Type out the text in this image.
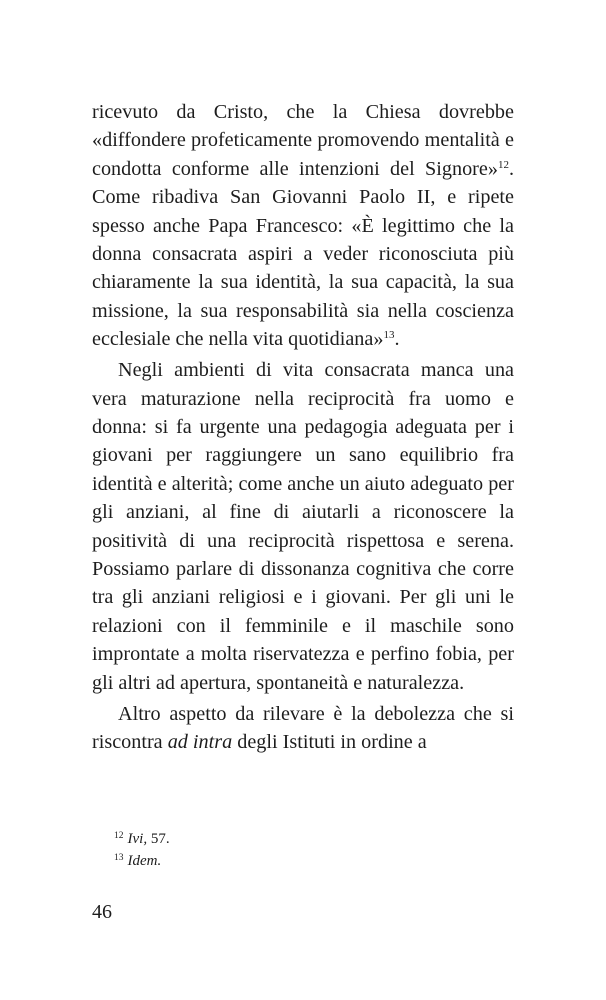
ricevuto da Cristo, che la Chiesa dovrebbe «diffondere profeticamente promovendo mentalità e condotta conforme alle intenzioni del Signore»$^{12}$. Come ribadiva San Giovanni Paolo II, e ripete spesso anche Papa Francesco: «È legittimo che la donna consacrata aspiri a veder riconosciuta più chiaramente la sua identità, la sua capacità, la sua missione, la sua responsabilità sia nella coscienza ecclesiale che nella vita quotidiana»$^{13}$.

Negli ambienti di vita consacrata manca una vera maturazione nella reciprocità fra uomo e donna: si fa urgente una pedagogia adeguata per i giovani per raggiungere un sano equilibrio fra identità e alterità; come anche un aiuto adeguato per gli anziani, al fine di aiutarli a riconoscere la positività di una reciprocità rispettosa e serena. Possiamo parlare di dissonanza cognitiva che corre tra gli anziani religiosi e i giovani. Per gli uni le relazioni con il femminile e il maschile sono improntate a molta riservatezza e perfino fobia, per gli altri ad apertura, spontaneità e naturalezza.

Altro aspetto da rilevare è la debolezza che si riscontra ad intra degli Istituti in ordine a

$^{12}$ Ivi, 57.

$^{13}$ Idem.

46
